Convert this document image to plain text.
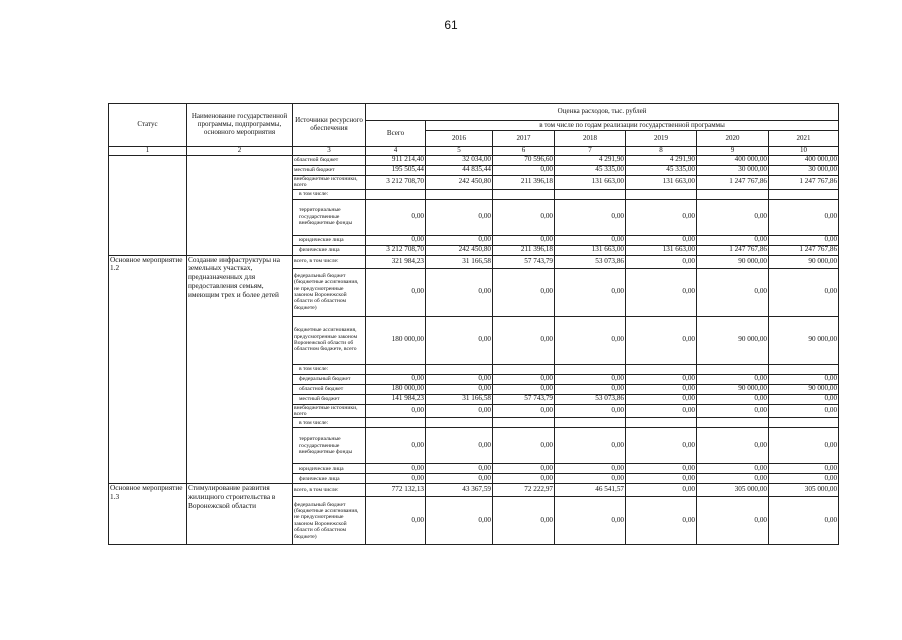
61
Статус	Наименование государственной программы, подпрограммы, основного мероприятия	Источники ресурсного обеспечения	Оценка расходов, тыс. рублей						
			Всего	в том числе по годам реализации государственной программы					
				2016	2017	2018	2019	2020	2021
1	2	3	4	5	6	7	8	9	10
		областной бюджет	911 214,40	32 034,00	70 596,60	4 291,90	4 291,90	400 000,00	400 000,00
		местный бюджет	195 505,44	44 835,44	0,00	45 335,00	45 335,00	30 000,00	30 000,00
		внебюджетные источники, всего	3 212 708,70	242 450,80	211 396,18	131 663,00	131 663,00	1 247 767,86	1 247 767,86
		в том числе:							
		территориальные государственные внебюджетные фонды	0,00	0,00	0,00	0,00	0,00	0,00	0,00
		юридические лица	0,00	0,00	0,00	0,00	0,00	0,00	0,00
		физические лица	3 212 708,70	242 450,80	211 396,18	131 663,00	131 663,00	1 247 767,86	1 247 767,86
Основное мероприятие 1.2	Создание инфраструктуры на земельных участках, предназначенных для предоставления семьям, имеющим трех и более детей	всего, в том числе:	321 984,23	31 166,58	57 743,79	53 073,86	0,00	90 000,00	90 000,00
		федеральный бюджет (бюджетные ассигнования, не предусмотренные законом Воронежской области об областном бюджете)	0,00	0,00	0,00	0,00	0,00	0,00	0,00
		бюджетные ассигнования, предусмотренные законом Воронежской области об областном бюджете, всего	180 000,00	0,00	0,00	0,00	0,00	90 000,00	90 000,00
		в том числе:							
		федеральный бюджет	0,00	0,00	0,00	0,00	0,00	0,00	0,00
		областной бюджет	180 000,00	0,00	0,00	0,00	0,00	90 000,00	90 000,00
		местный бюджет	141 984,23	31 166,58	57 743,79	53 073,86	0,00	0,00	0,00
		внебюджетные источники, всего	0,00	0,00	0,00	0,00	0,00	0,00	0,00
		в том числе:							
		территориальные государственные внебюджетные фонды	0,00	0,00	0,00	0,00	0,00	0,00	0,00
		юридические лица	0,00	0,00	0,00	0,00	0,00	0,00	0,00
		физические лица	0,00	0,00	0,00	0,00	0,00	0,00	0,00
Основное мероприятие 1.3	Стимулирование развития жилищного строительства в Воронежской области	всего, в том числе:	772 132,13	43 367,59	72 222,97	46 541,57	0,00	305 000,00	305 000,00
		федеральный бюджет (бюджетные ассигнования, не предусмотренные законом Воронежской области об областном бюджете)	0,00	0,00	0,00	0,00	0,00	0,00	0,00
